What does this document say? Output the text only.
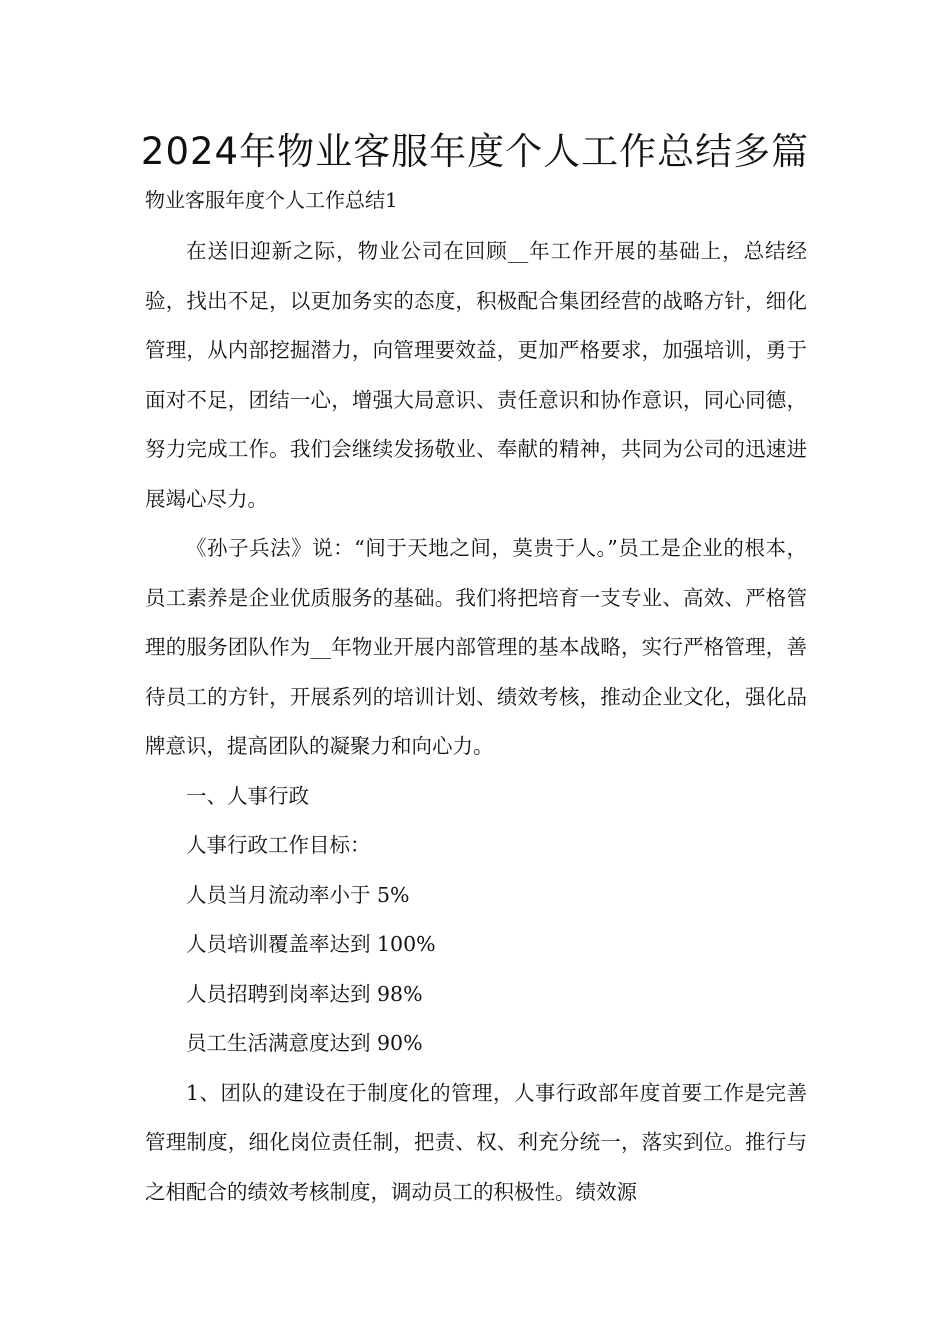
2024年物业客服年度个人工作总结多篇
物业客服年度个人工作总结1

在送旧迎新之际，物业公司在回顾__年工作开展的基础上，总结经验，找出不足，以更加务实的态度，积极配合集团经营的战略方针，细化管理，从内部挖掘潜力，向管理要效益，更加严格要求，加强培训，勇于面对不足，团结一心，增强大局意识、责任意识和协作意识，同心同德，努力完成工作。我们会继续发扬敬业、奉献的精神，共同为公司的迅速进展竭心尽力。

《孙子兵法》说：“间于天地之间，莫贵于人。”员工是企业的根本，员工素养是企业优质服务的基础。我们将把培育一支专业、高效、严格管理的服务团队作为__年物业开展内部管理的基本战略，实行严格管理，善待员工的方针，开展系列的培训计划、绩效考核，推动企业文化，强化品牌意识，提高团队的凝聚力和向心力。

一、人事行政

人事行政工作目标：

人员当月流动率小于 5%

人员培训覆盖率达到 100%

人员招聘到岗率达到 98%

员工生活满意度达到 90%

1、团队的建设在于制度化的管理，人事行政部年度首要工作是完善管理制度，细化岗位责任制，把责、权、利充分统一，落实到位。推行与之相配合的绩效考核制度，调动员工的积极性。绩效源
